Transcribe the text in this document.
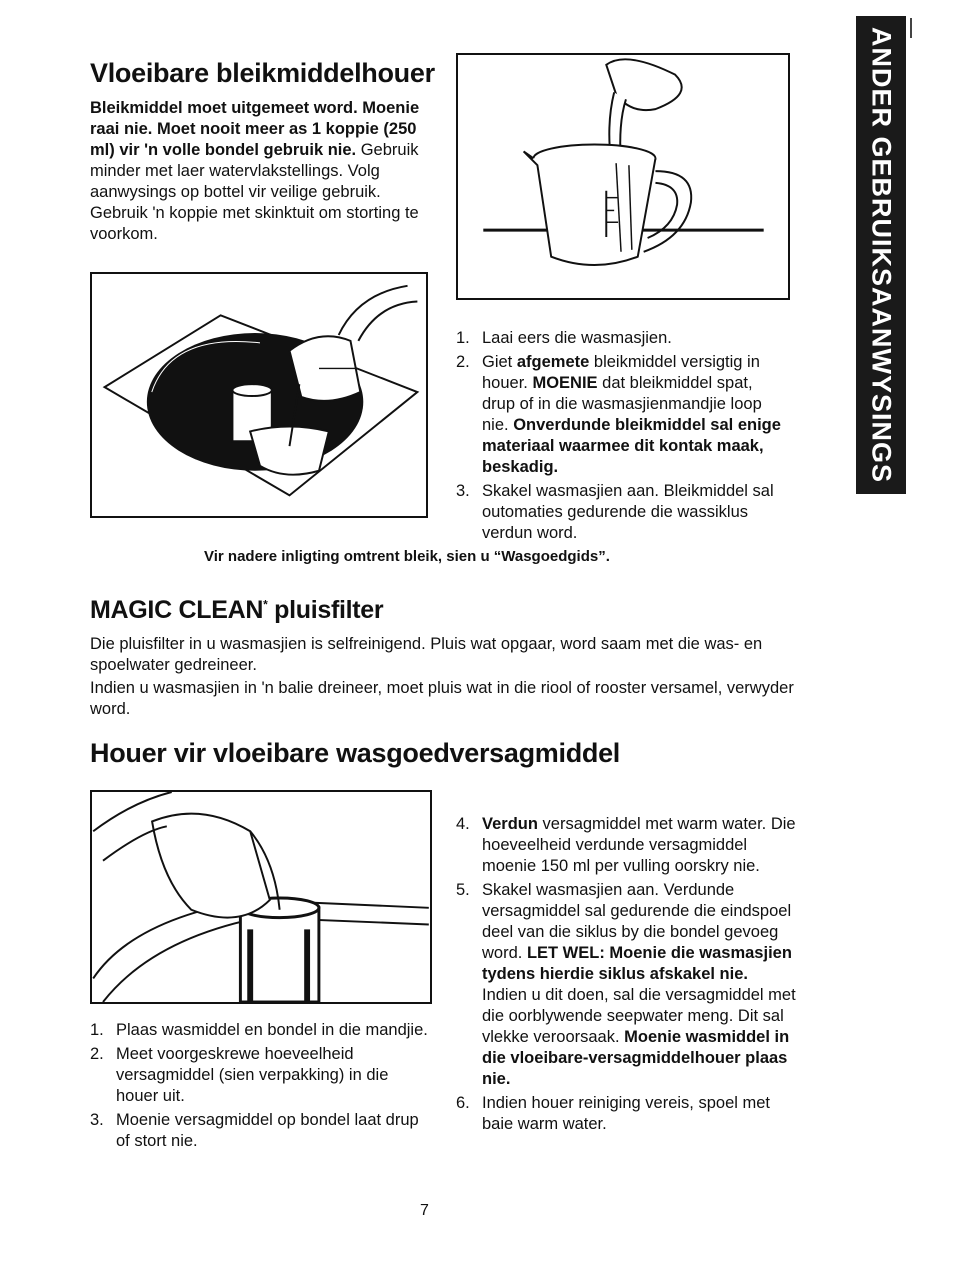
ANDER GEBRUIKSAANWYSINGS
Vloeibare bleikmiddelhouer
Bleikmiddel moet uitgemeet word. Moenie raai nie. Moet nooit meer as 1 koppie (250 ml) vir 'n volle bondel gebruik nie. Gebruik minder met laer watervlakstellings. Volg aanwysings op bottel vir veilige gebruik. Gebruik 'n koppie met skinktuit om storting te voorkom.
1. Laai eers die wasmasjien.
2. Giet afgemete bleikmiddel versigtig in houer. MOENIE dat bleikmiddel spat, drup of in die wasmasjienmandjie loop nie. Onverdunde bleikmiddel sal enige materiaal waarmee dit kontak maak, beskadig.
3. Skakel wasmasjien aan. Bleikmiddel sal outomaties gedurende die wassiklus verdun word.
Vir nadere inligting omtrent bleik, sien u “Wasgoedgids”.
MAGIC CLEAN* pluisfilter
Die pluisfilter in u wasmasjien is selfreinigend. Pluis wat opgaar, word saam met die was- en spoelwater gedreineer.
Indien u wasmasjien in 'n balie dreineer, moet pluis wat in die riool of rooster versamel, verwyder word.
Houer vir vloeibare wasgoedversagmiddel
1. Plaas wasmiddel en bondel in die mandjie.
2. Meet voorgeskrewe hoeveelheid versagmiddel (sien verpakking) in die houer uit.
3. Moenie versagmiddel op bondel laat drup of stort nie.
4. Verdun versagmiddel met warm water. Die hoeveelheid verdunde versagmiddel moenie 150 ml per vulling oorskry nie.
5. Skakel wasmasjien aan. Verdunde versagmiddel sal gedurende die eindspoel deel van die siklus by die bondel gevoeg word. LET WEL: Moenie die wasmasjien tydens hierdie siklus afskakel nie. Indien u dit doen, sal die versagmiddel met die oorblywende seepwater meng. Dit sal vlekke veroorsaak. Moenie wasmiddel in die vloeibare-versagmiddelhouer plaas nie.
6. Indien houer reiniging vereis, spoel met baie warm water.
7
